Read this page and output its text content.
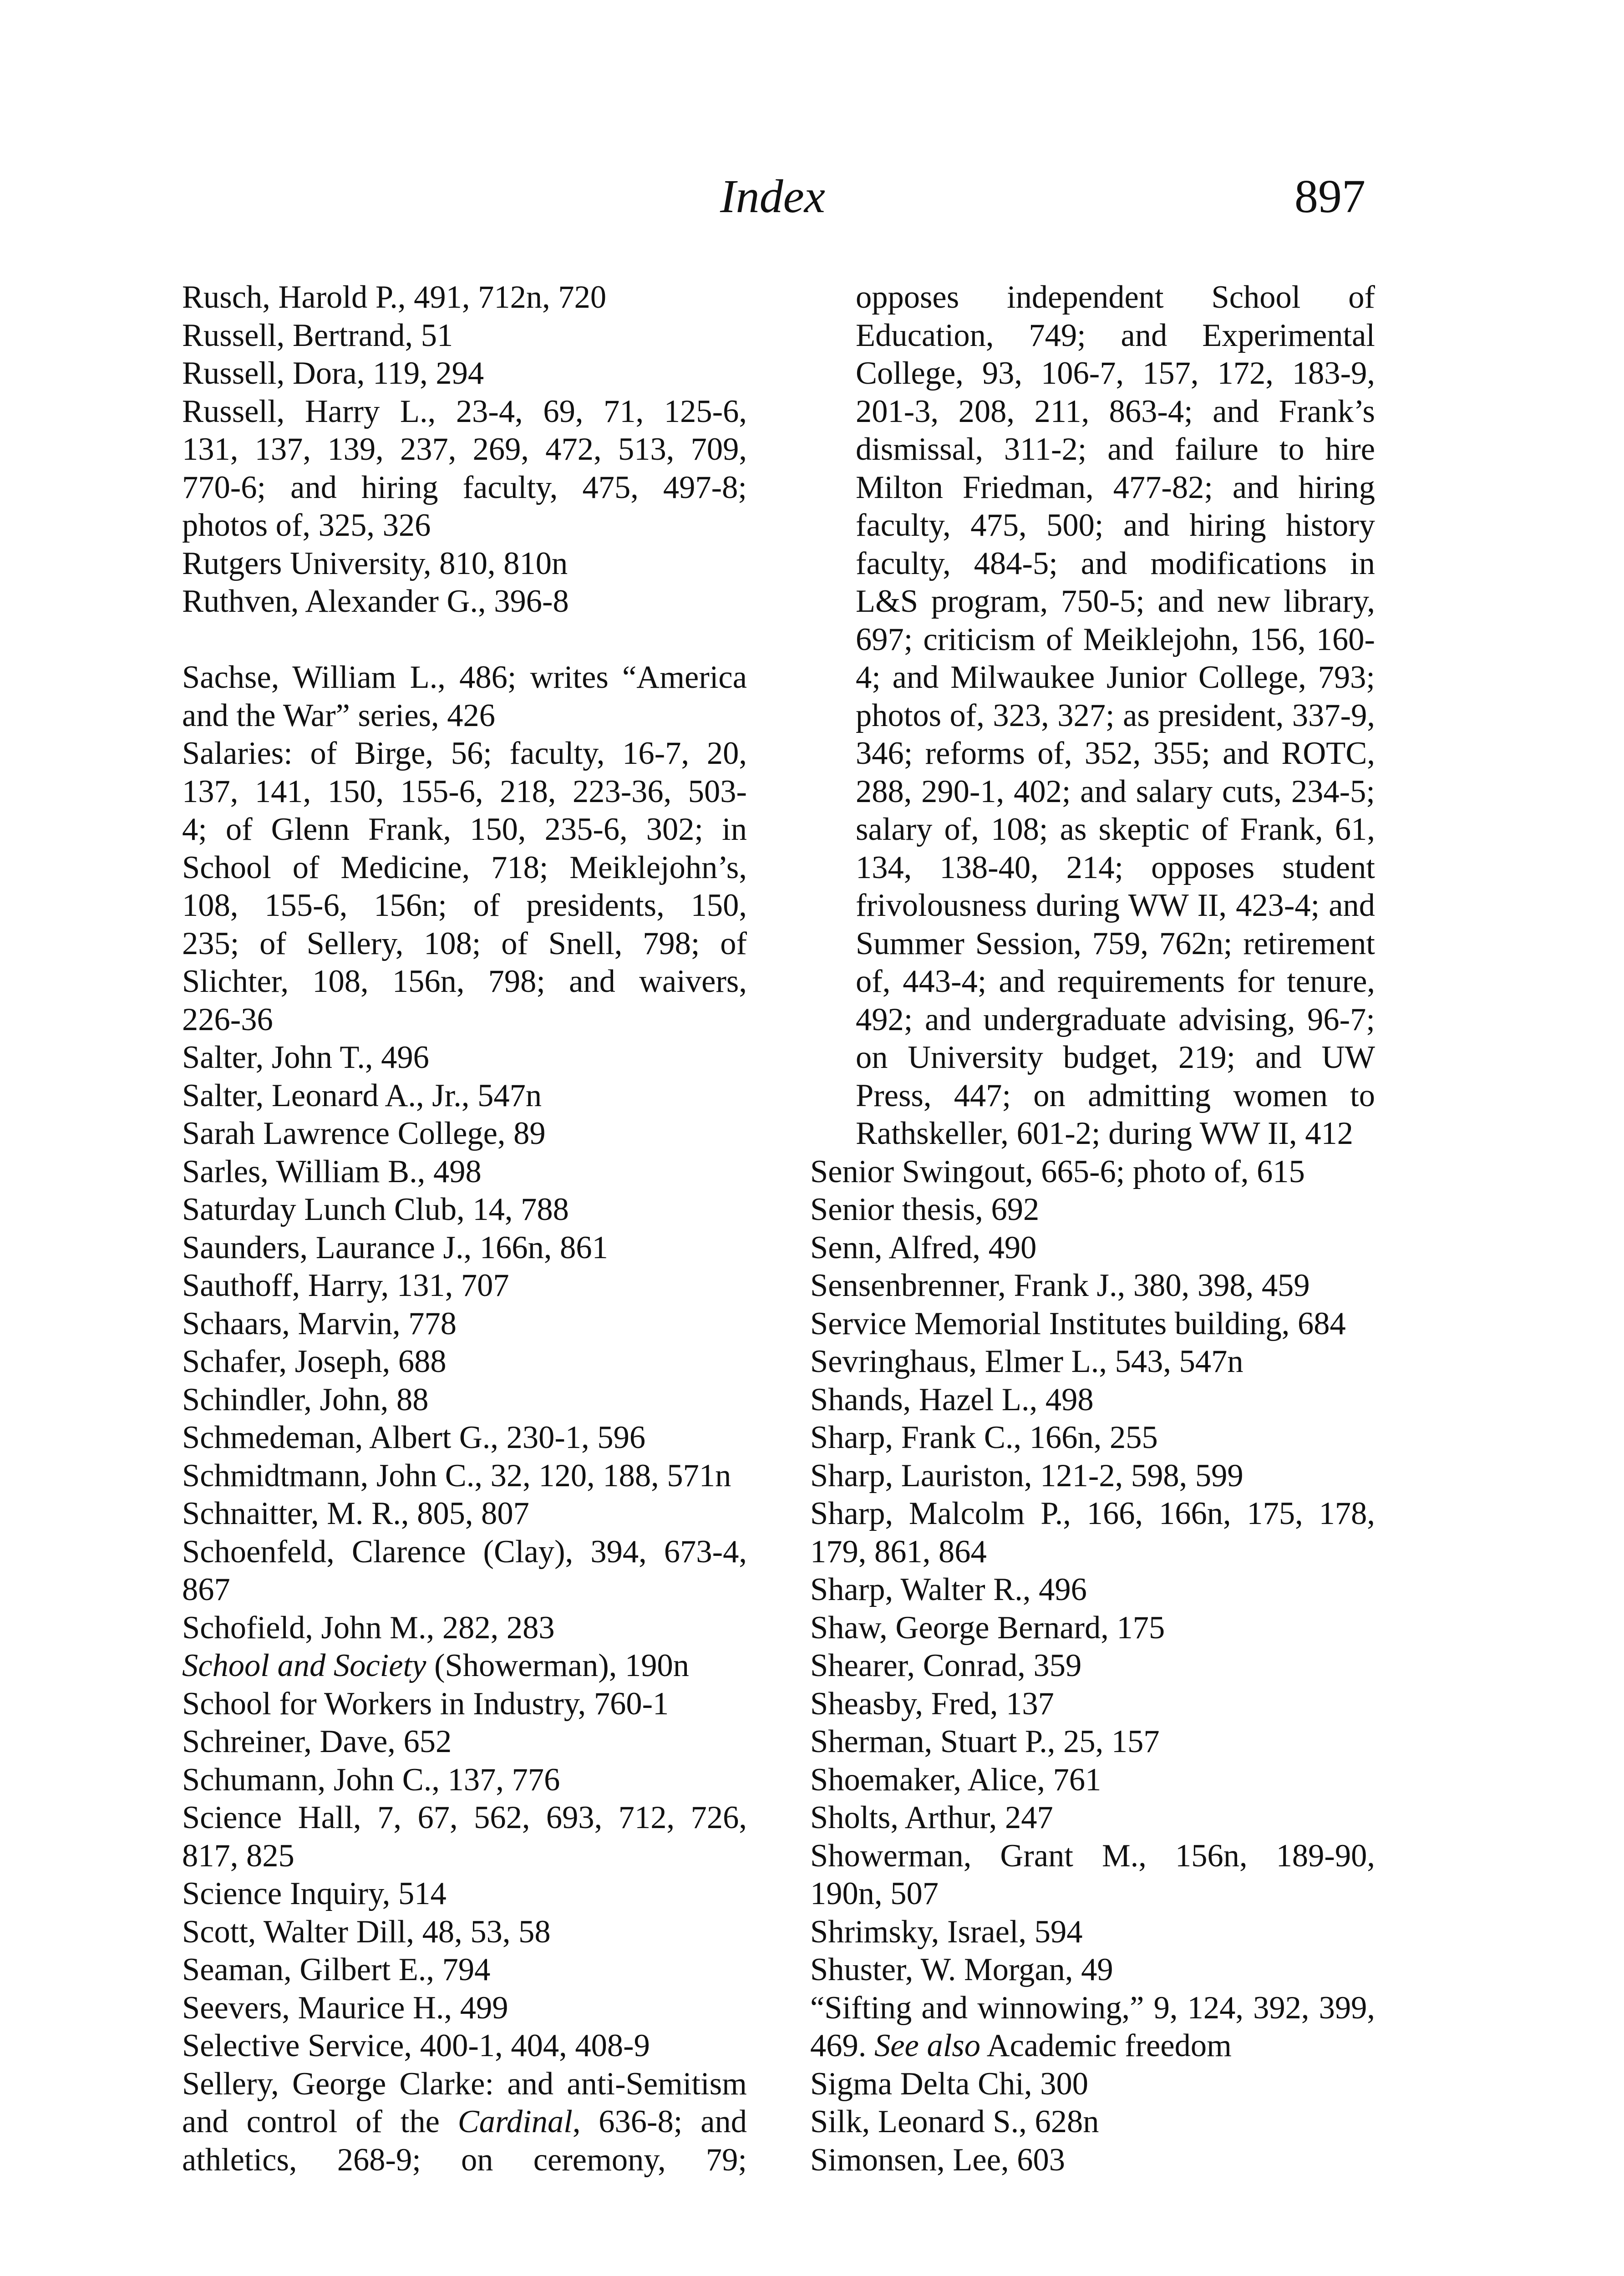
Index	897

Rusch, Harold P., 491, 712n, 720

Russell, Bertrand, 51

Russell, Dora, 119, 294

Russell, Harry L., 23-4, 69, 71, 125-6,
131, 137, 139, 237, 269, 472, 513, 709,
770-6; and hiring faculty, 475, 497-8;
photos of, 325, 326

Rutgers University, 810, 810n

Ruthven, Alexander G., 396-8

Sachse, William L., 486; writes “America
and the War” series, 426

Salaries: of Birge, 56; faculty, 16-7, 20,
137, 141, 150, 155-6, 218, 223-36, 503-
4; of Glenn Frank, 150, 235-6, 302; in
School of Medicine, 718; Meiklejohn’s,
108, 155-6, 156n; of presidents, 150,
235; of Sellery, 108; of Snell, 798; of
Slichter, 108, 156n, 798; and waivers,
226-36

Salter, John T., 496

Salter, Leonard A., Jr., 547n

Sarah Lawrence College, 89

Sarles, William B., 498

Saturday Lunch Club, 14, 788

Saunders, Laurance J., 166n, 861

Sauthoff, Harry, 131, 707

Schaars, Marvin, 778

Schafer, Joseph, 688

Schindler, John, 88

Schmedeman, Albert G., 230-1, 596

Schmidtmann, John C., 32, 120, 188, 571n

Schnaitter, M. R., 805, 807

Schoenfeld, Clarence (Clay), 394, 673-4,
867

Schofield, John M., 282, 283

School and Society (Showerman), 190n

School for Workers in Industry, 760-1

Schreiner, Dave, 652

Schumann, John C., 137, 776

Science Hall, 7, 67, 562, 693, 712, 726,
817, 825

Science Inquiry, 514

Scott, Walter Dill, 48, 53, 58

Seaman, Gilbert E., 794

Seevers, Maurice H., 499

Selective Service, 400-1, 404, 408-9

Sellery, George Clarke: and anti-Semitism
and control of the Cardinal, 636-8; and
athletics, 268-9; on ceremony, 79;

opposes independent School of
Education, 749; and Experimental
College, 93, 106-7, 157, 172, 183-9,
201-3, 208, 211, 863-4; and Frank’s
dismissal, 311-2; and failure to hire
Milton Friedman, 477-82; and hiring
faculty, 475, 500; and hiring history
faculty, 484-5; and modifications in
L&S program, 750-5; and new library,
697; criticism of Meiklejohn, 156, 160-
4; and Milwaukee Junior College, 793;
photos of, 323, 327; as president, 337-9,
346; reforms of, 352, 355; and ROTC,
288, 290-1, 402; and salary cuts, 234-5;
salary of, 108; as skeptic of Frank, 61,
134, 138-40, 214; opposes student
frivolousness during WW II, 423-4; and
Summer Session, 759, 762n; retirement
of, 443-4; and requirements for tenure,
492; and undergraduate advising, 96-7;
on University budget, 219; and UW
Press, 447; on admitting women to
Rathskeller, 601-2; during WW II, 412

Senior Swingout, 665-6; photo of, 615

Senior thesis, 692

Senn, Alfred, 490

Sensenbrenner, Frank J., 380, 398, 459

Service Memorial Institutes building, 684

Sevringhaus, Elmer L., 543, 547n

Shands, Hazel L., 498

Sharp, Frank C., 166n, 255

Sharp, Lauriston, 121-2, 598, 599

Sharp, Malcolm P., 166, 166n, 175, 178,
179, 861, 864

Sharp, Walter R., 496

Shaw, George Bernard, 175

Shearer, Conrad, 359

Sheasby, Fred, 137

Sherman, Stuart P., 25, 157

Shoemaker, Alice, 761

Sholts, Arthur, 247

Showerman, Grant M., 156n, 189-90,
190n, 507

Shrimsky, Israel, 594

Shuster, W. Morgan, 49

“Sifting and winnowing,” 9, 124, 392, 399,
469. See also Academic freedom

Sigma Delta Chi, 300

Silk, Leonard S., 628n

Simonsen, Lee, 603
